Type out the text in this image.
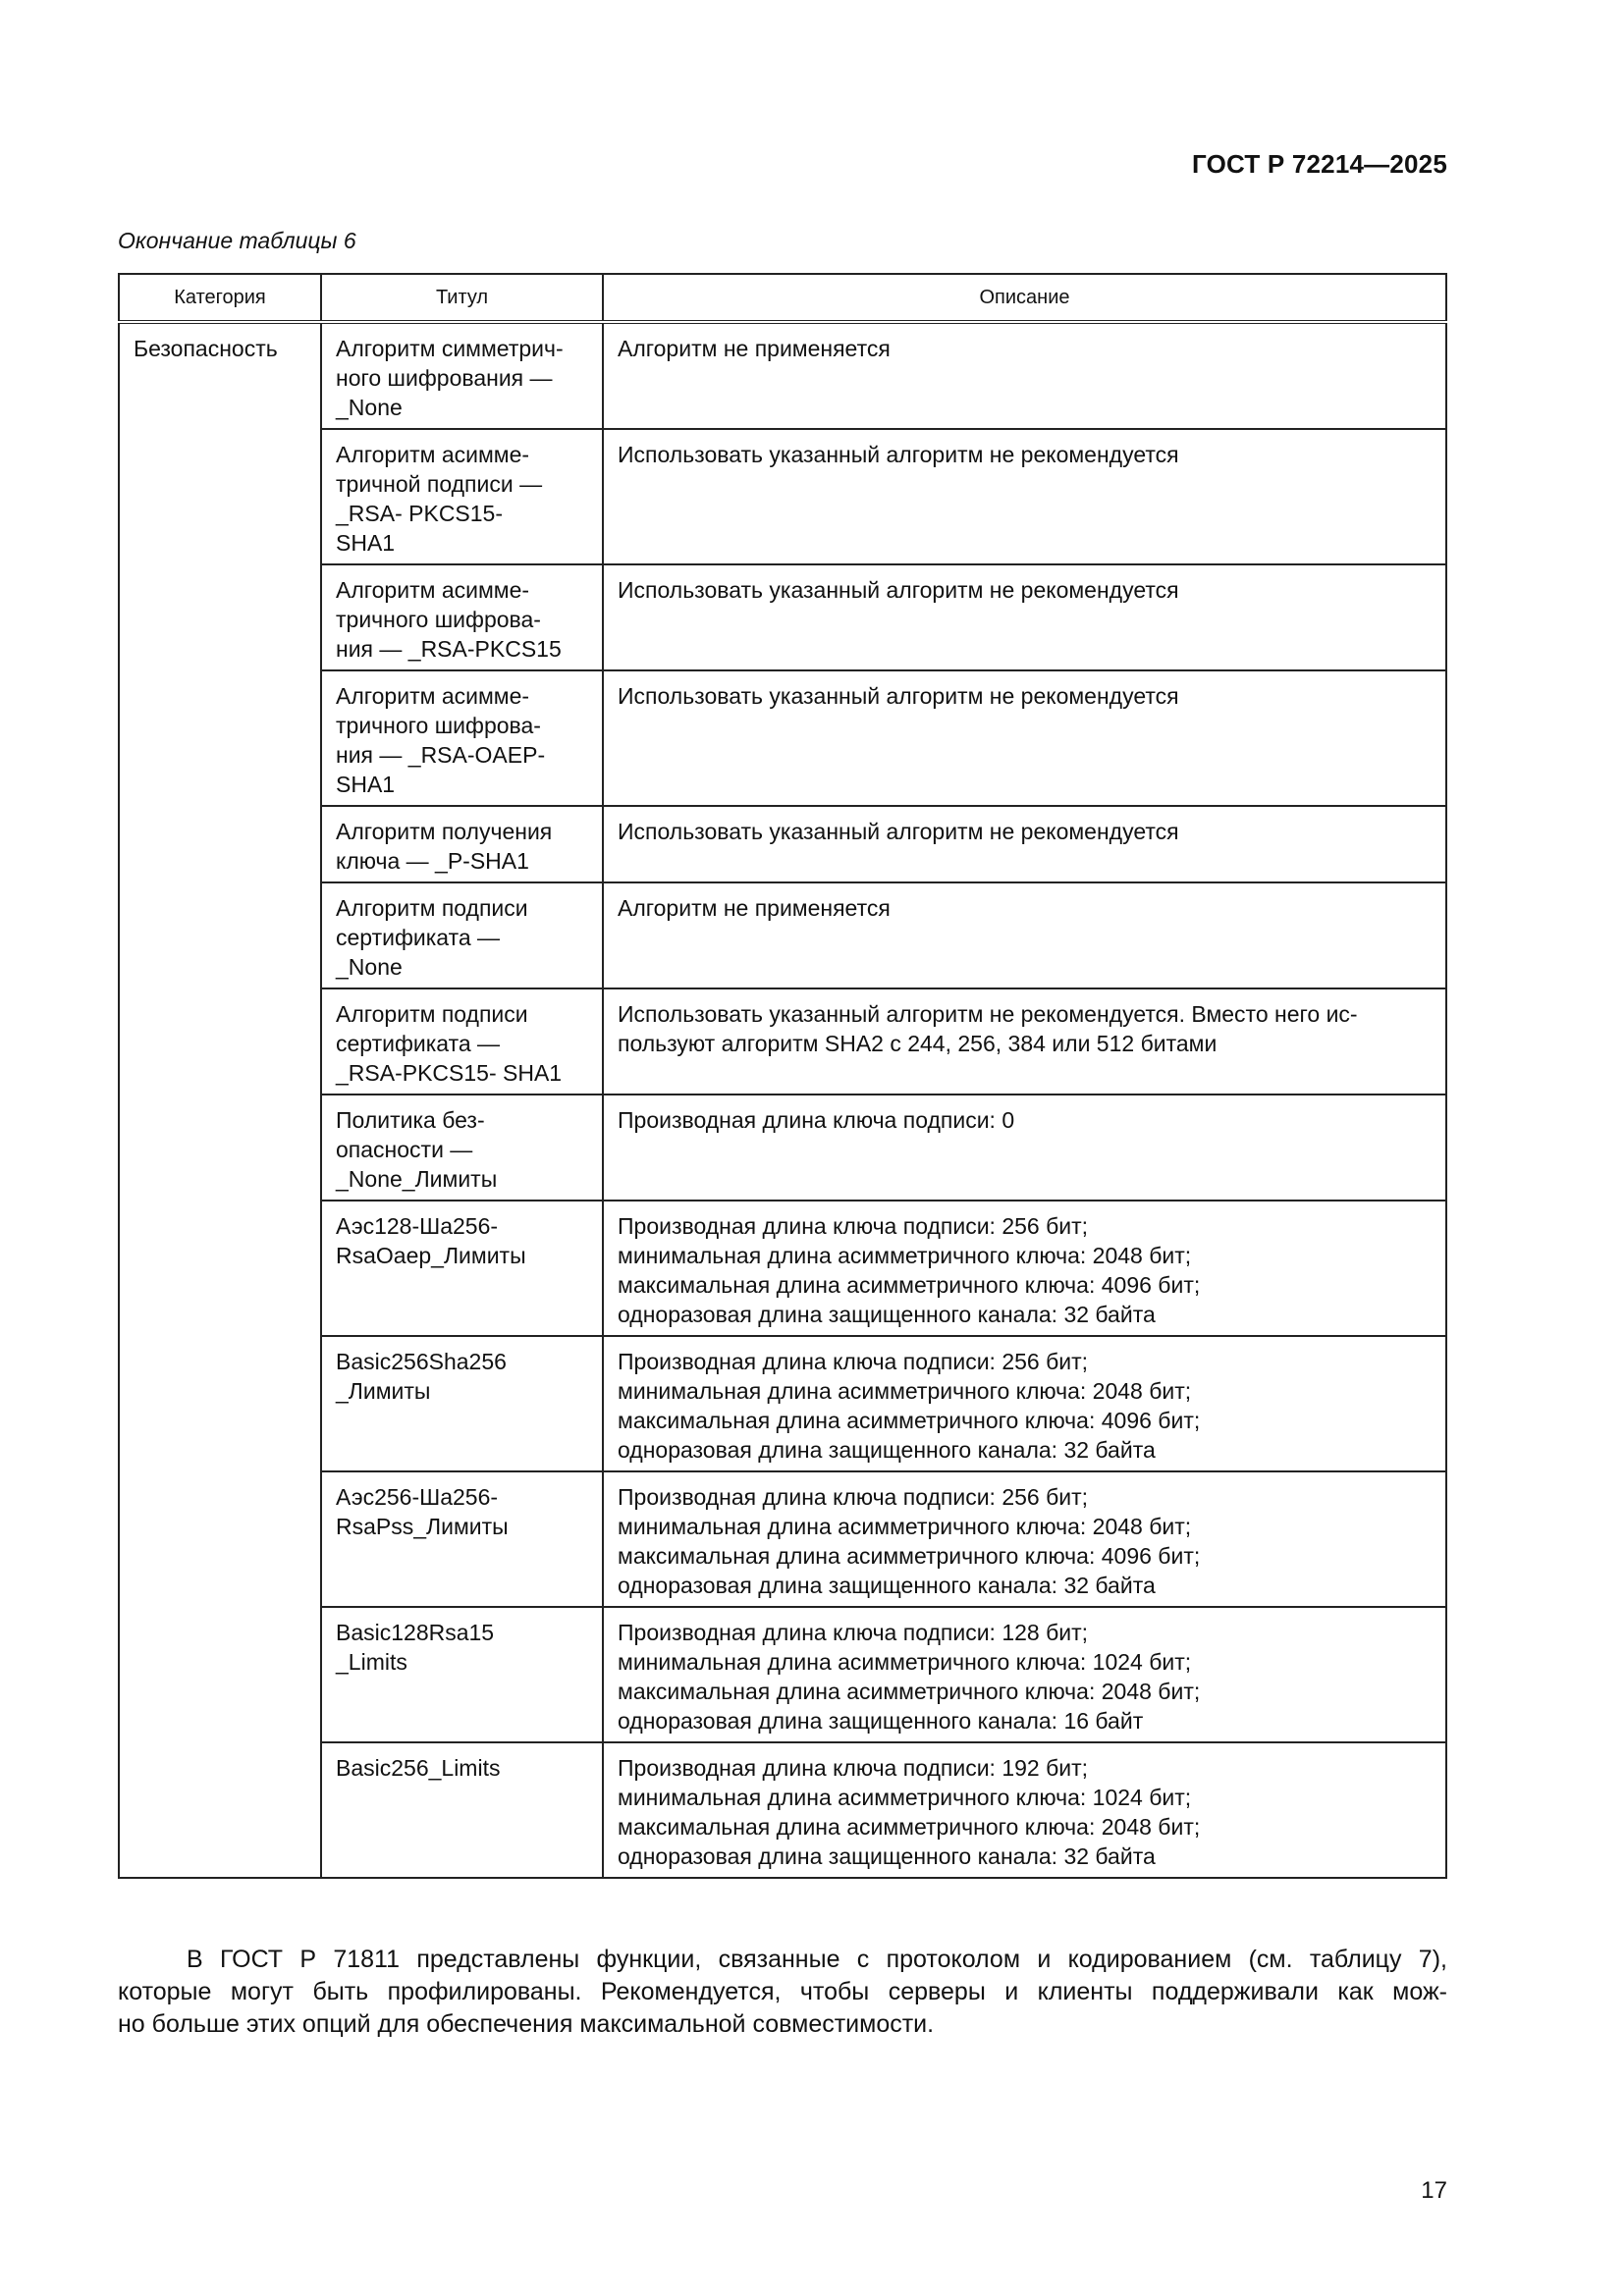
ГОСТ Р 72214—2025
Окончание таблицы 6
Категория	Титул	Описание
Безопасность	Алгоритм симметрич-
ного шифрования —
_None	Алгоритм не применяется

	Алгоритм асимме-
тричной подписи —
_RSA- PKCS15-
SHA1	Использовать указанный алгоритм не рекомендуется

	Алгоритм асимме-
тричного шифрова-
ния — _RSA-PKCS15	Использовать указанный алгоритм не рекомендуется

	Алгоритм асимме-
тричного шифрова-
ния — _RSA-OAEP-
SHA1	Использовать указанный алгоритм не рекомендуется

	Алгоритм получения
ключа — _P-SHA1	Использовать указанный алгоритм не рекомендуется

	Алгоритм подписи
сертификата —
_None	Алгоритм не применяется

	Алгоритм подписи
сертификата —
_RSA-PKCS15- SHA1	Использовать указанный алгоритм не рекомендуется. Вместо него ис-
пользуют алгоритм SHA2 с 244, 256, 384 или 512 битами

	Политика без-
опасности —
_None_Лимиты	Производная длина ключа подписи: 0

	Аэс128-Ша256-
RsaОаер_Лимиты	Производная длина ключа подписи: 256 бит;
минимальная длина асимметричного ключа: 2048 бит;
максимальная длина асимметричного ключа: 4096 бит;
одноразовая длина защищенного канала: 32 байта

	Basic256Sha256
_Лимиты	Производная длина ключа подписи: 256 бит;
минимальная длина асимметричного ключа: 2048 бит;
максимальная длина асимметричного ключа: 4096 бит;
одноразовая длина защищенного канала: 32 байта

	Аэс256-Ша256-
RsaPss_Лимиты	Производная длина ключа подписи: 256 бит;
минимальная длина асимметричного ключа: 2048 бит;
максимальная длина асимметричного ключа: 4096 бит;
одноразовая длина защищенного канала: 32 байта

	Basic128Rsa15
_Limits	Производная длина ключа подписи: 128 бит;
минимальная длина асимметричного ключа: 1024 бит;
максимальная длина асимметричного ключа: 2048 бит;
одноразовая длина защищенного канала: 16 байт

	Basic256_Limits	Производная длина ключа подписи: 192 бит;
минимальная длина асимметричного ключа: 1024 бит;
максимальная длина асимметричного ключа: 2048 бит;
одноразовая длина защищенного канала: 32 байта
В ГОСТ Р 71811 представлены функции, связанные с протоколом и кодированием (см. таблицу 7),
которые могут быть профилированы. Рекомендуется, чтобы серверы и клиенты поддерживали как мож-
но больше этих опций для обеспечения максимальной совместимости.
17
